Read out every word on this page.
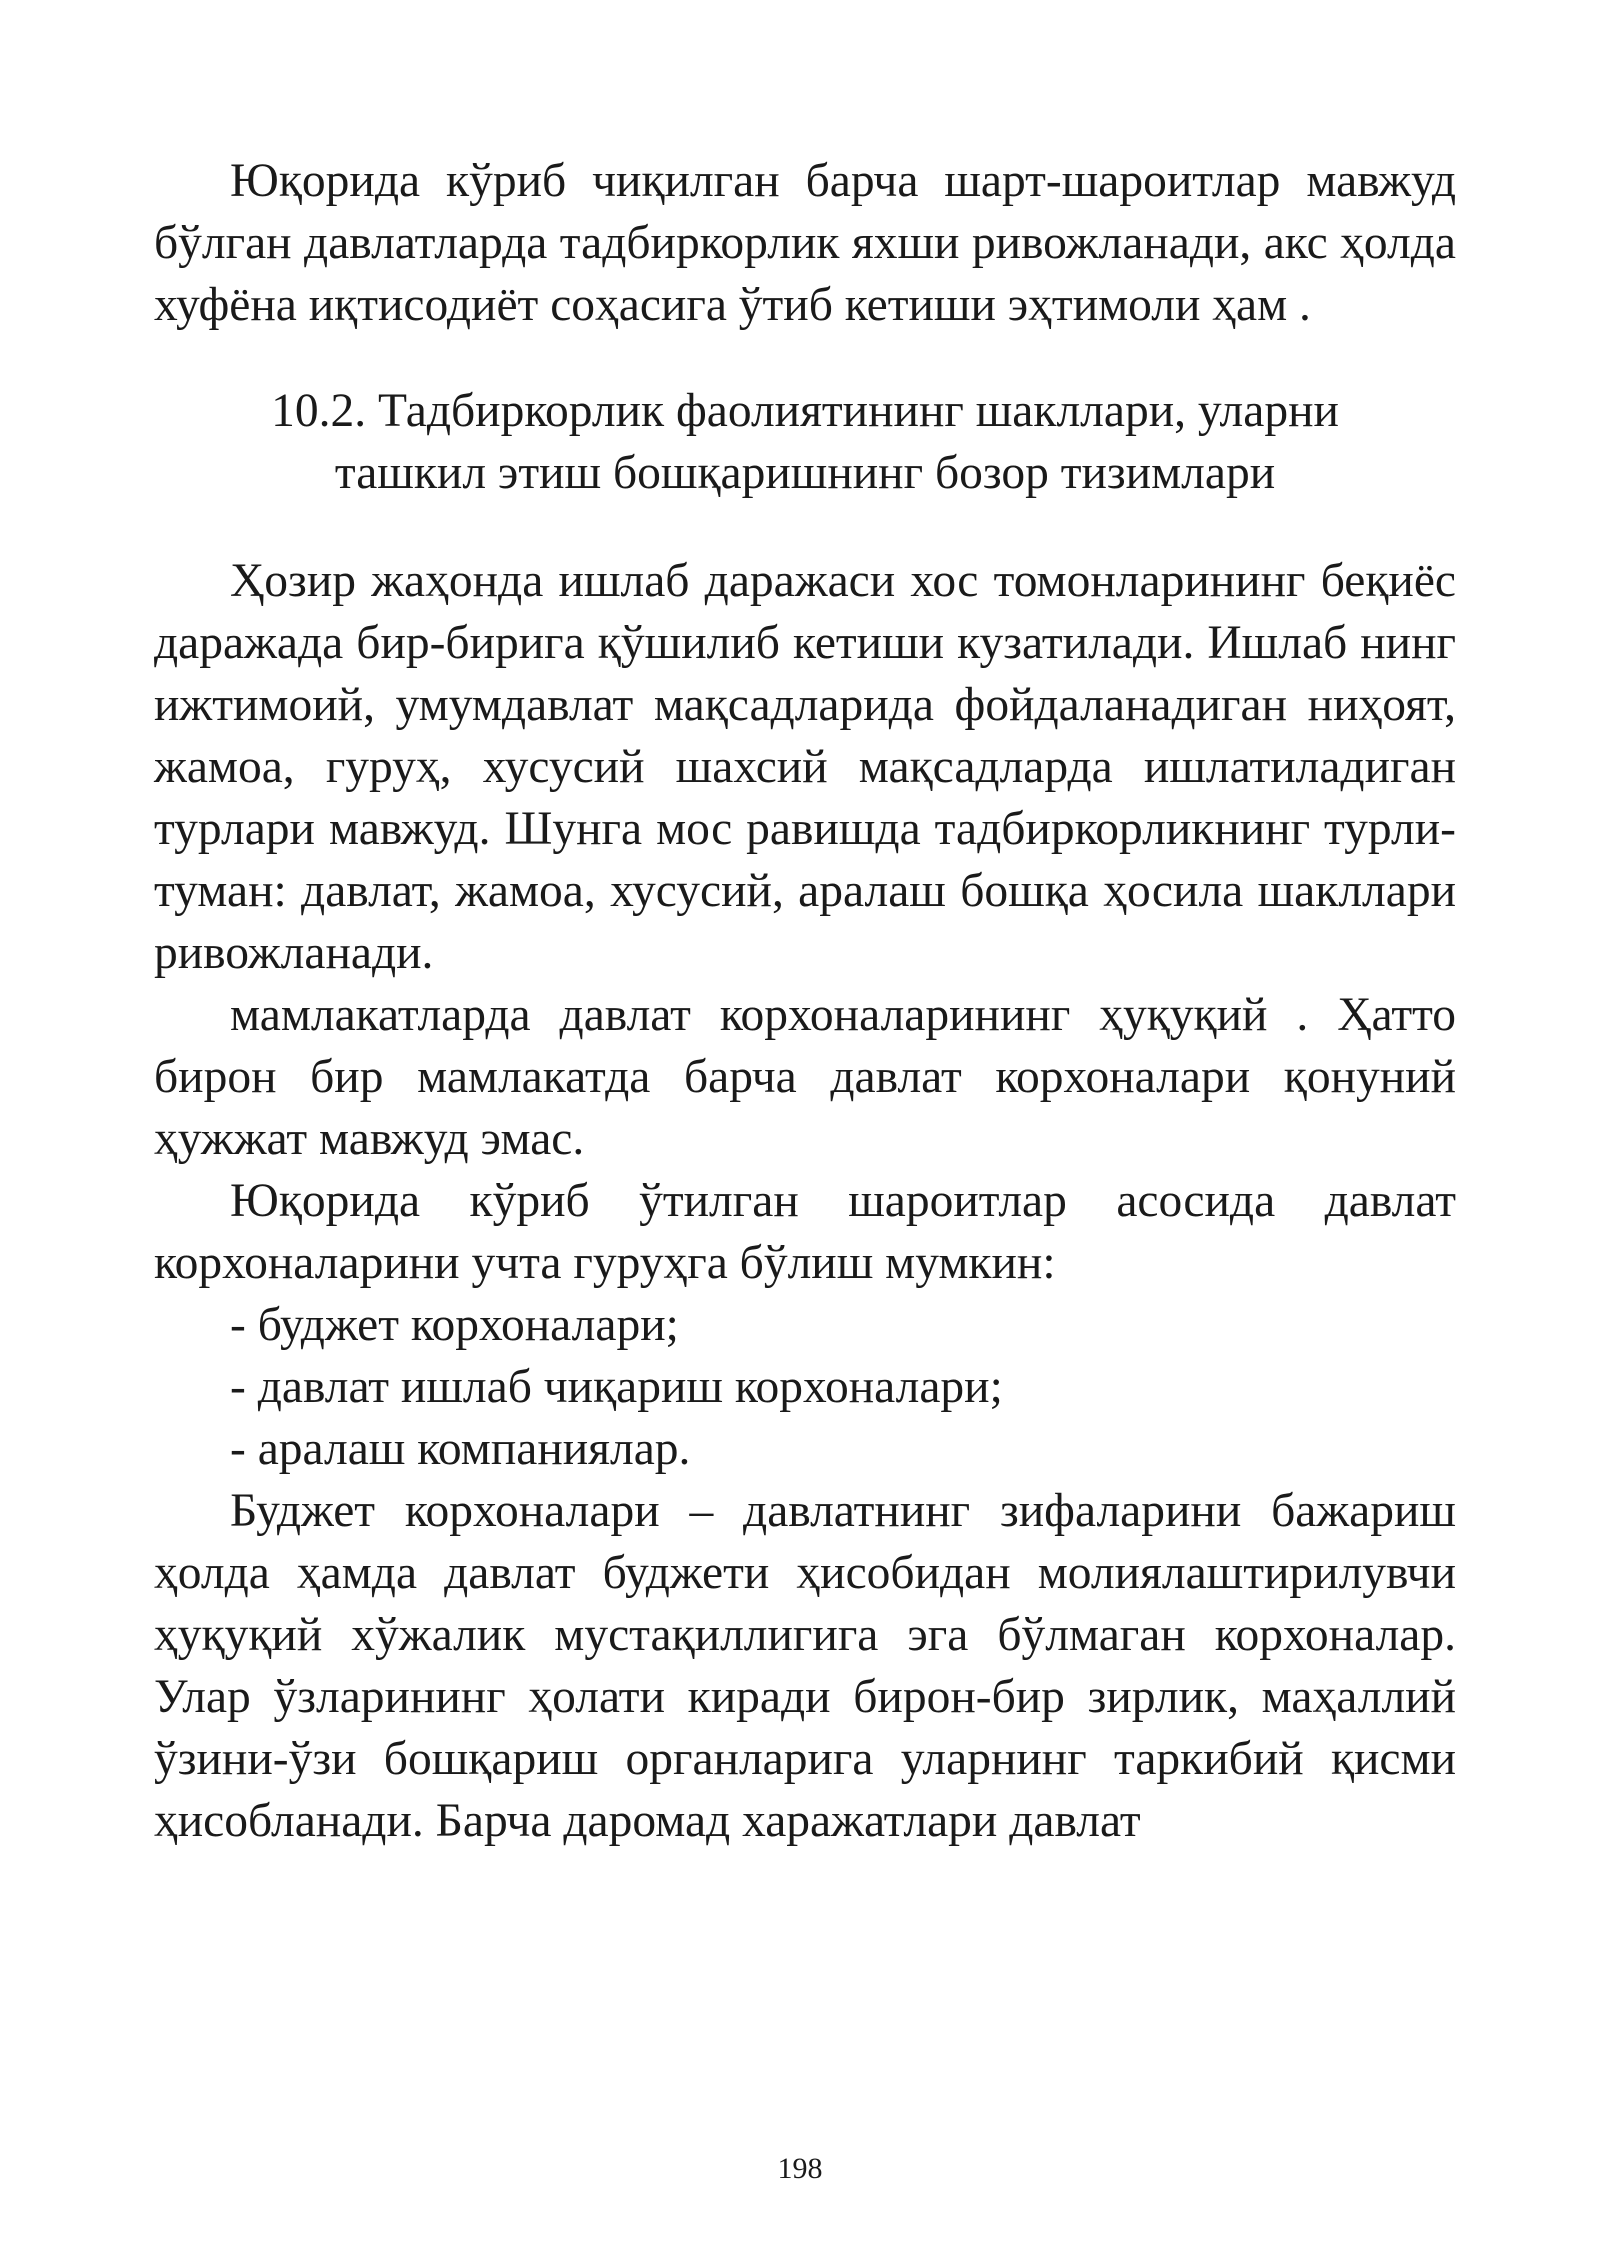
Юқорида кўриб чиқилган барча шарт-шароитлар мавжуд бўлган давлатларда тадбиркорлик яхши ривожланади, акс ҳолда хуфёна иқтисодиёт соҳасига ўтиб кетиши эҳтимоли ҳам .

10.2. Тадбиркорлик фаолиятининг шакллари, уларни
ташкил этиш бошқаришнинг бозор тизимлари

Ҳозир жаҳонда ишлаб даражаси хос томонларининг беқиёс даражада бир-бирига қўшилиб кетиши кузатилади. Ишлаб нинг ижтимоий, умумдавлат мақсадларида фойдаланадиган ниҳоят, жамоа, гуруҳ, хусусий шахсий мақсадларда ишлатиладиган турлари мавжуд. Шунга мос равишда тадбиркорликнинг турли-туман: давлат, жамоа, хусусий, аралаш бошқа ҳосила шакллари ривожланади.

мамлакатларда давлат корхоналарининг ҳуқуқий . Ҳатто бирон бир мамлакатда барча давлат корхоналари қонуний ҳужжат мавжуд эмас.

Юқорида кўриб ўтилган шароитлар асосида давлат корхоналарини учта гуруҳга бўлиш мумкин:

- буджет корхоналари;

- давлат ишлаб чиқариш корхоналари;

- аралаш компаниялар.

Буджет корхоналари – давлатнинг зифаларини бажариш ҳолда ҳамда давлат буджети ҳисобидан молиялаштирилувчи ҳуқуқий хўжалик мустақиллигига эга бўлмаган корхоналар. Улар ўзларининг ҳолати киради бирон-бир зирлик, маҳаллий ўзини-ўзи бошқариш органларига уларнинг таркибий қисми ҳисобланади. Барча даромад харажатлари давлат

198
